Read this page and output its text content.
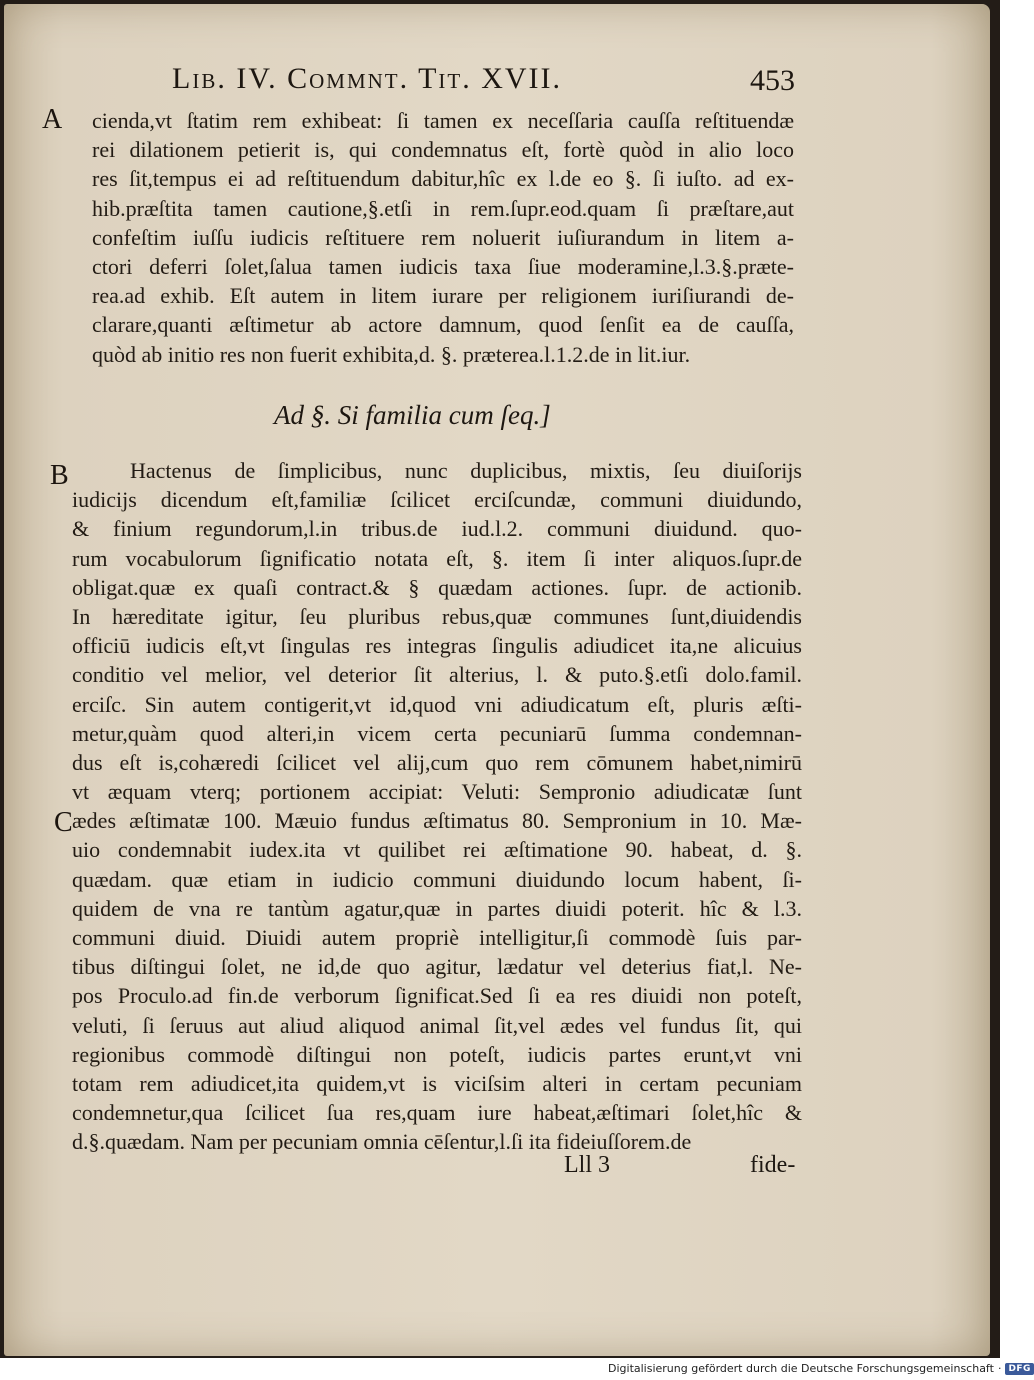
Lib. IV. Commnt. Tit. XVII.	453
A cienda,vt ſtatim rem exhibeat: ſi tamen ex neceſſaria cauſſa reſtituendæ
rei dilationem petierit is, qui condemnatus eſt, fortè quòd in alio loco
res ſit,tempus ei ad reſtituendum dabitur,hîc ex l.de eo §. ſi iuſto. ad ex-
hib.præſtita tamen cautione,§.etſi in rem.ſupr.eod.quam ſi præſtare,aut
confeſtim iuſſu iudicis reſtituere rem noluerit iuſiurandum in litem a-
ctori deferri ſolet,ſalua tamen iudicis taxa ſiue moderamine,l.3.§.præte-
rea.ad exhib. Eſt autem in litem iurare per religionem iuriſiurandi de-
clarare,quanti æſtimetur ab actore damnum, quod ſenſit ea de cauſſa,
quòd ab initio res non fuerit exhibita,d. §. præterea.l.1.2.de in lit.iur.
Ad §. Si familia cum ſeq.]
B
C
Hactenus de ſimplicibus, nunc duplicibus, mixtis, ſeu diuiſorijs
iudicijs dicendum eſt,familiæ ſcilicet erciſcundæ, communi diuidundo,
& finium regundorum,l.in tribus.de iud.l.2. communi diuidund. quo-
rum vocabulorum ſignificatio notata eſt, §. item ſi inter aliquos.ſupr.de
obligat.quæ ex quaſi contract.& § quædam actiones. ſupr. de actionib.
In hæreditate igitur, ſeu pluribus rebus,quæ communes ſunt,diuidendis
officiū iudicis eſt,vt ſingulas res integras ſingulis adiudicet ita,ne alicuius
conditio vel melior, vel deterior ſit alterius, l. & puto.§.etſi dolo.famil.
erciſc. Sin autem contigerit,vt id,quod vni adiudicatum eſt, pluris æſti-
metur,quàm quod alteri,in vicem certa pecuniarū ſumma condemnan-
dus eſt is,cohæredi ſcilicet vel alij,cum quo rem cōmunem habet,nimirū
vt æquam vterq; portionem accipiat: Veluti: Sempronio adiudicatæ ſunt
ædes æſtimatæ 100. Mæuio fundus æſtimatus 80. Sempronium in 10. Mæ-
uio condemnabit iudex.ita vt quilibet rei æſtimatione 90. habeat, d. §.
quædam. quæ etiam in iudicio communi diuidundo locum habent, ſi-
quidem de vna re tantùm agatur,quæ in partes diuidi poterit. hîc & l.3.
communi diuid. Diuidi autem propriè intelligitur,ſi commodè ſuis par-
tibus diſtingui ſolet, ne id,de quo agitur, lædatur vel deterius fiat,l. Ne-
pos Proculo.ad fin.de verborum ſignificat.Sed ſi ea res diuidi non poteſt,
veluti, ſi ſeruus aut aliud aliquod animal ſit,vel ædes vel fundus ſit, qui
regionibus commodè diſtingui non poteſt, iudicis partes erunt,vt vni
totam rem adiudicet,ita quidem,vt is viciſsim alteri in certam pecuniam
condemnetur,qua ſcilicet ſua res,quam iure habeat,æſtimari ſolet,hîc &
d.§.quædam. Nam per pecuniam omnia cēſentur,l.ſi ita fideiuſſorem.de
Lll 3	fide-
Digitalisierung gefördert durch die Deutsche Forschungsgemeinschaft · DFG
